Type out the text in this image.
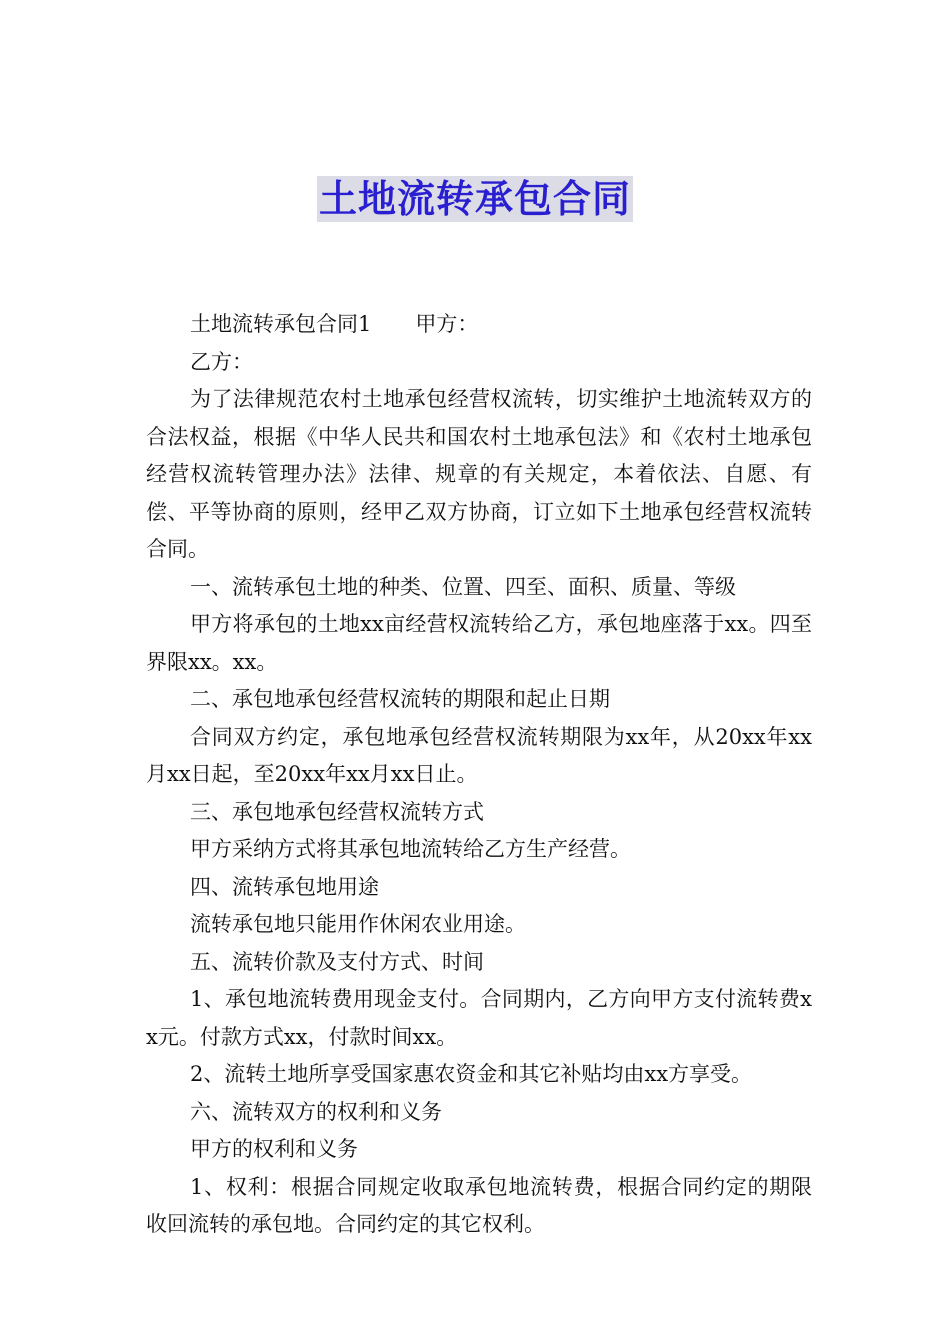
土地流转承包合同

土地流转承包合同1 甲方：

乙方：

为了法律规范农村土地承包经营权流转，切实维护土地流转双方的合法权益，根据《中华人民共和国农村土地承包法》和《农村土地承包经营权流转管理办法》法律、规章的有关规定，本着依法、自愿、有偿、平等协商的原则，经甲乙双方协商，订立如下土地承包经营权流转合同。

一、流转承包土地的种类、位置、四至、面积、质量、等级

甲方将承包的土地xx亩经营权流转给乙方，承包地座落于xx。四至界限xx。xx。

二、承包地承包经营权流转的期限和起止日期

合同双方约定，承包地承包经营权流转期限为xx年，从20xx年xx月xx日起，至20xx年xx月xx日止。

三、承包地承包经营权流转方式

甲方采纳方式将其承包地流转给乙方生产经营。

四、流转承包地用途

流转承包地只能用作休闲农业用途。

五、流转价款及支付方式、时间

1、承包地流转费用现金支付。合同期内，乙方向甲方支付流转费xx元。付款方式xx，付款时间xx。

2、流转土地所享受国家惠农资金和其它补贴均由xx方享受。

六、流转双方的权利和义务

甲方的权利和义务

1、权利：根据合同规定收取承包地流转费，根据合同约定的期限收回流转的承包地。合同约定的其它权利。
